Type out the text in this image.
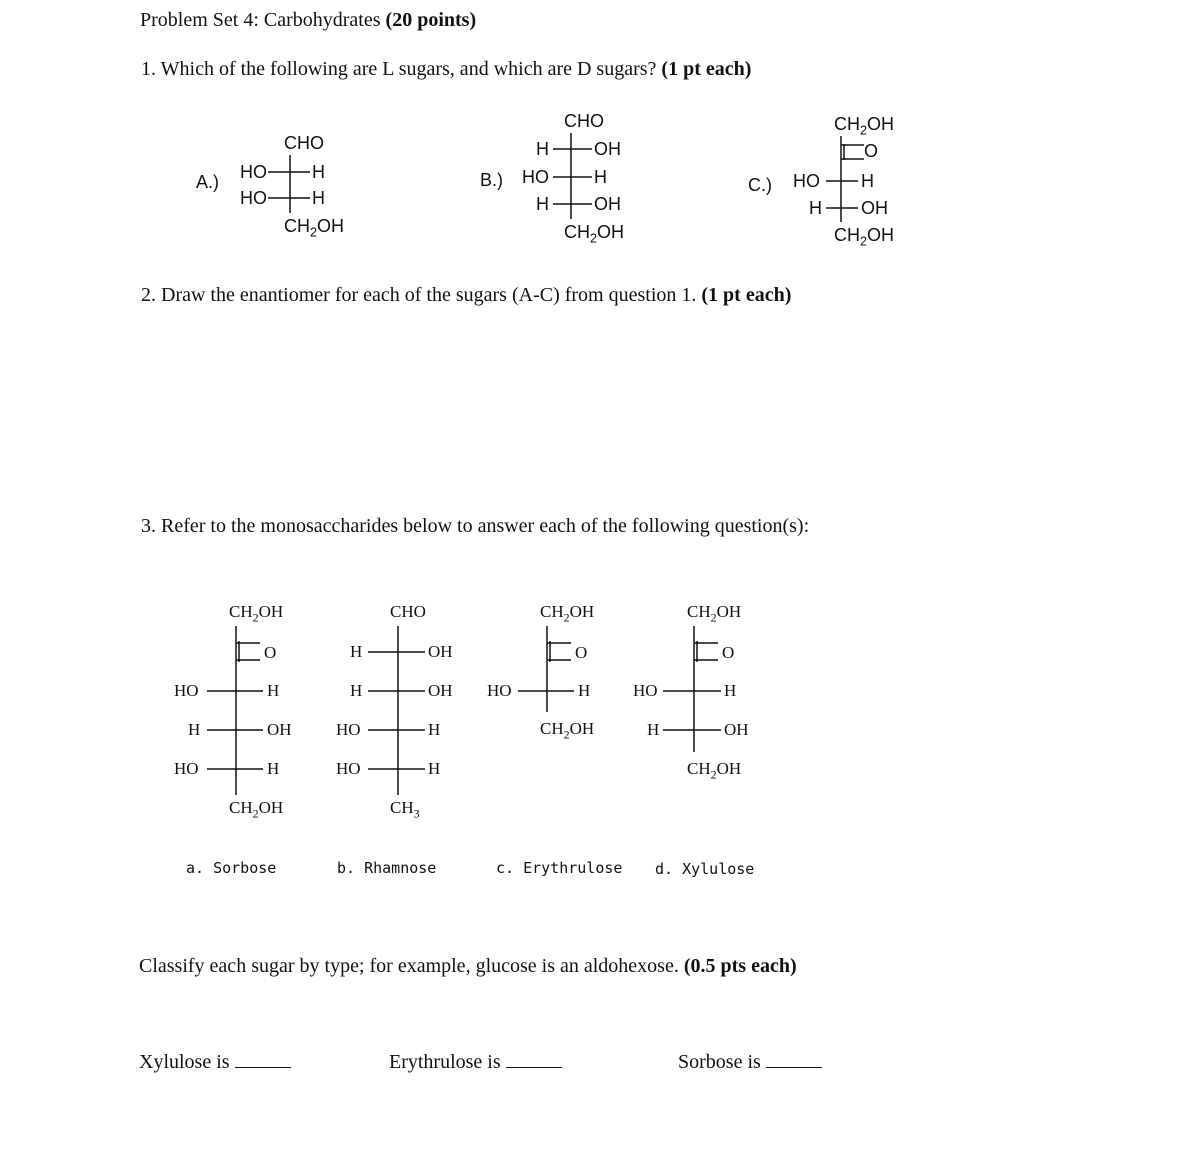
Problem Set 4: Carbohydrates (20 points)
1. Which of the following are L sugars, and which are D sugars? (1 pt each)
A.)
CHO
HO	H
HO	H
$CH_2OH$
B.)
CHO
H	OH
HO	H
H	OH
$CH_2OH$
C.)
$CH_2OH$
O
HO H
H OH
$CH_2OH$
2. Draw the enantiomer for each of the sugars (A-C) from question 1. (1 pt each)
3. Refer to the monosaccharides below to answer each of the following question(s):
$CH_2OH$
O
HO	H
H	OH
HO	H
$CH_2OH$
a. Sorbose
CHO
H	OH
H	OH
HO	H
HO	H
$CH_3$
b. Rhamnose
$CH_2OH$
O
HO	H
$CH_2OH$
c. Erythrulose
$CH_2OH$
O
HO	H
H	OH
$CH_2OH$
d. Xylulose
Classify each sugar by type; for example, glucose is an aldohexose. (0.5 pts each)
Xylulose is	Erythrulose is	Sorbose is
